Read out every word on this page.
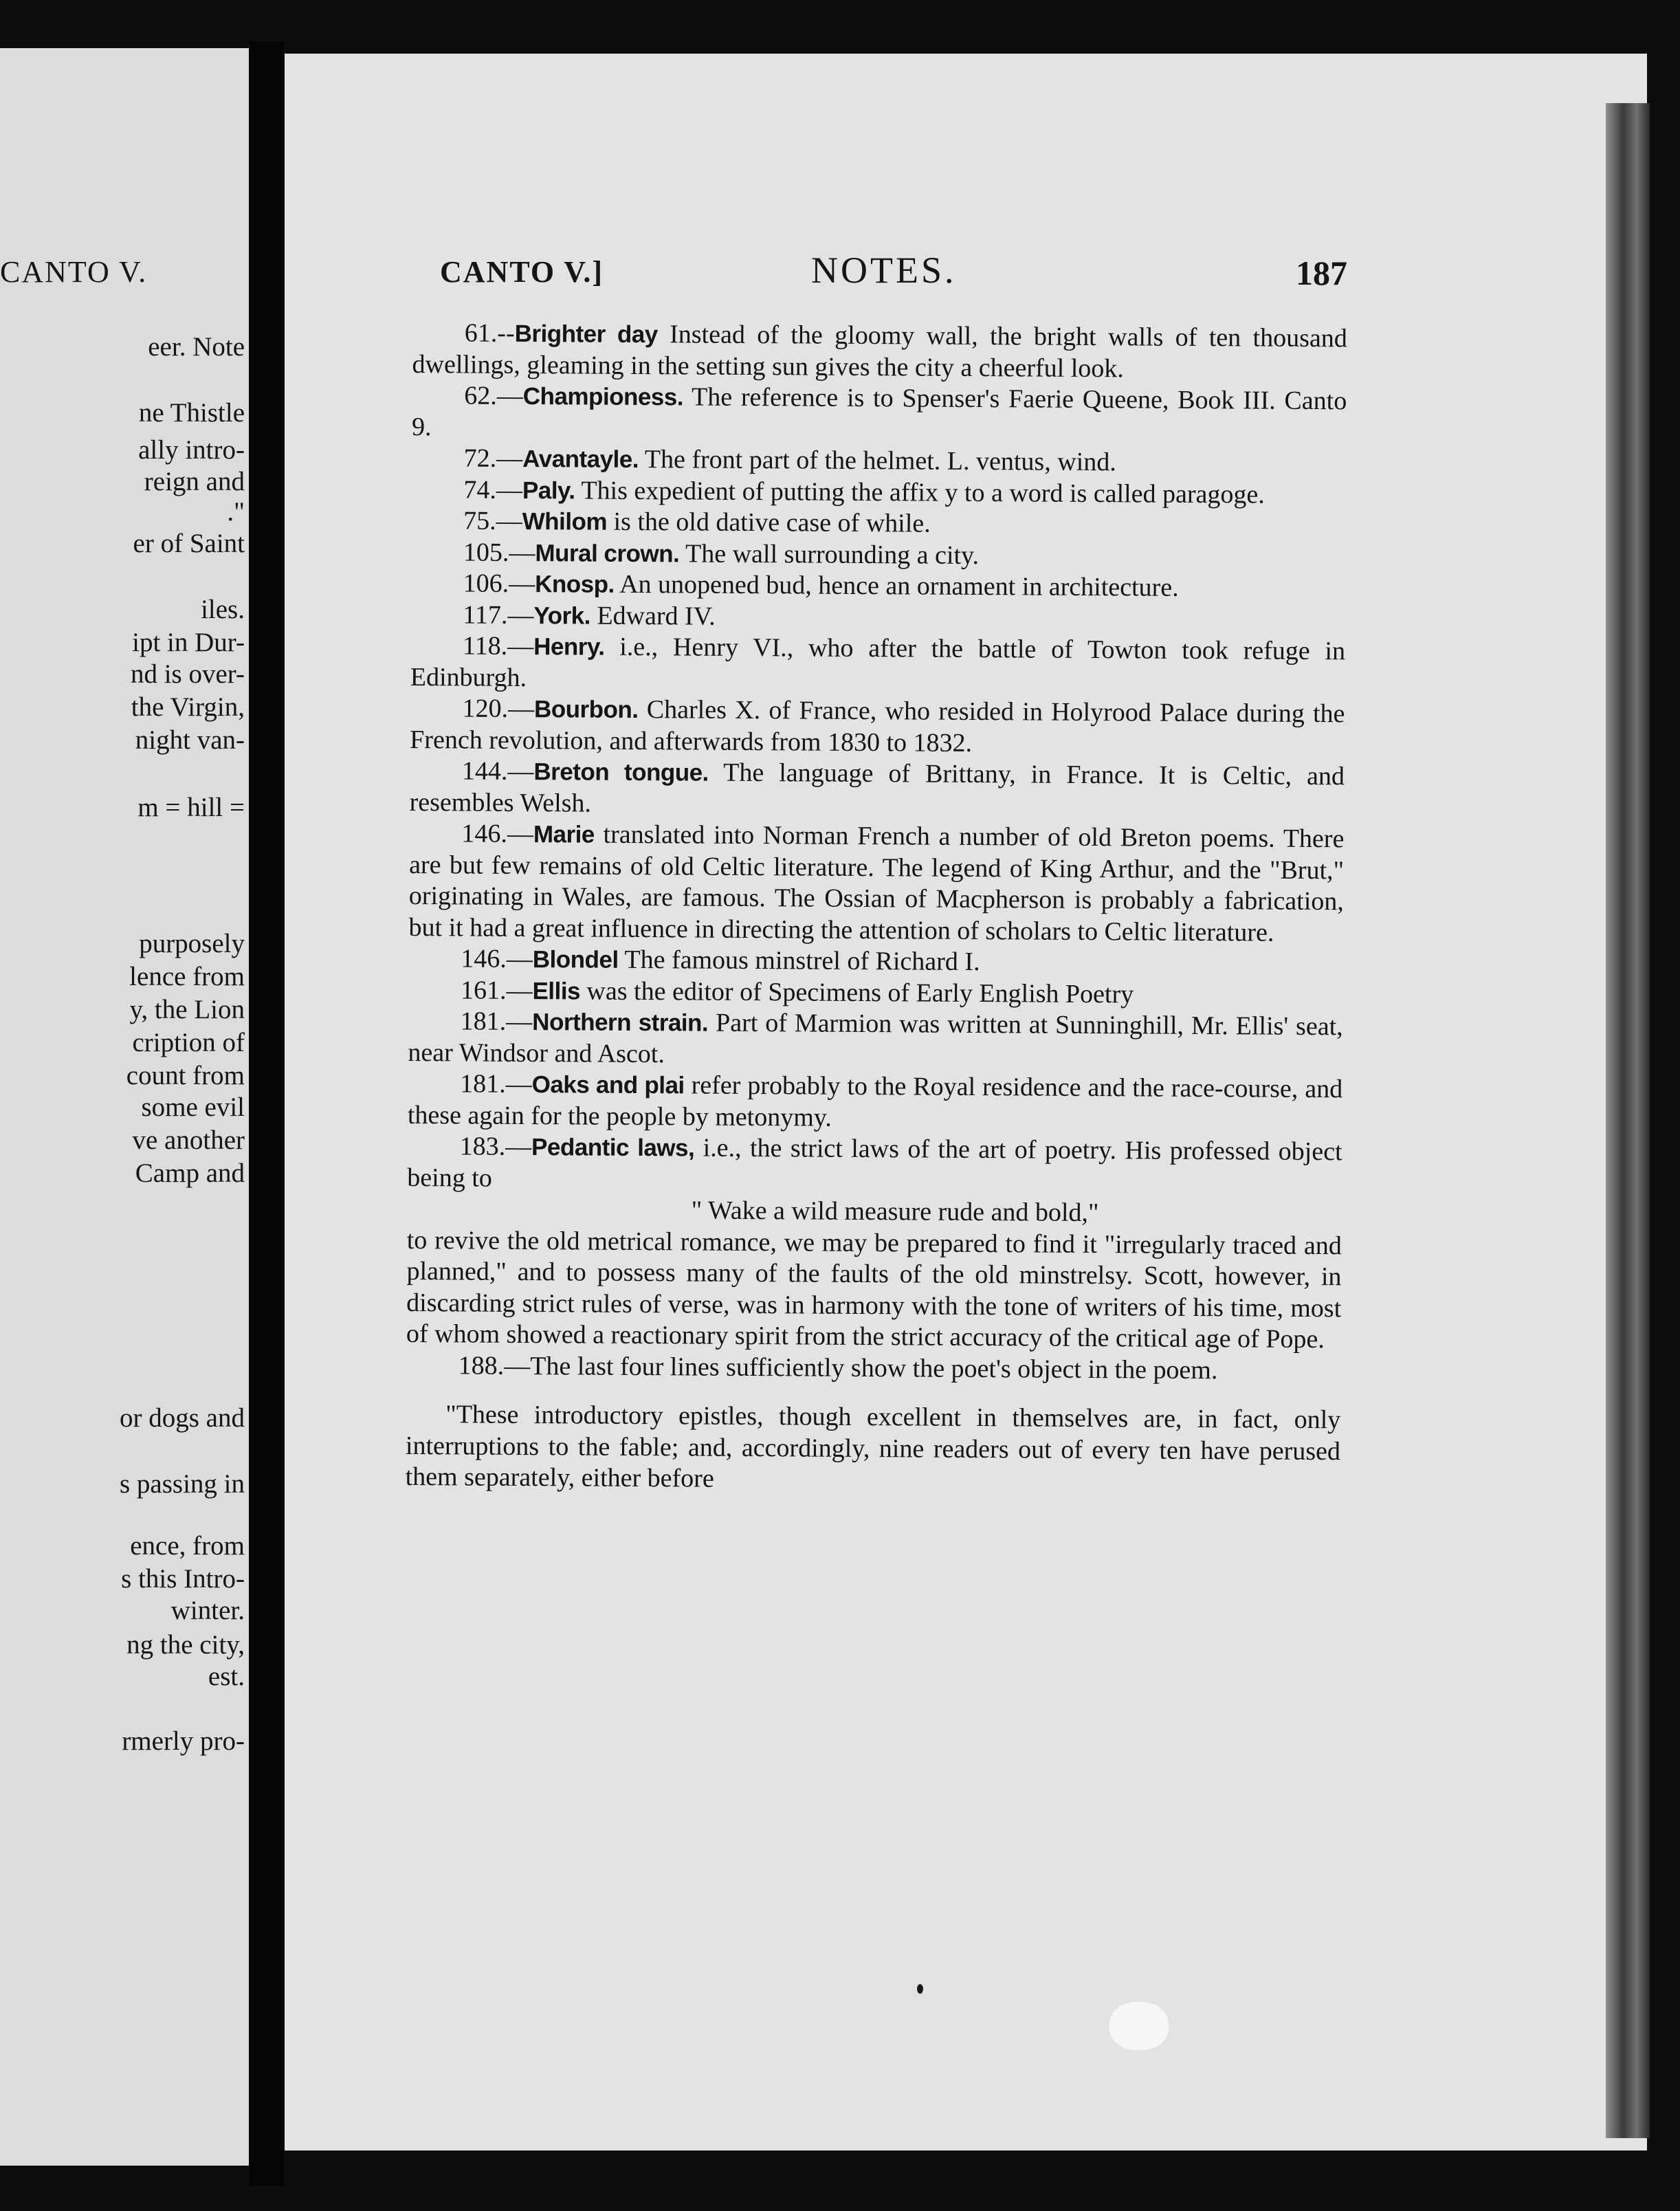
CANTO V.
eer. Note
ne Thistle
ally intro-
reign and
."
er of Saint
iles.
ipt in Dur-
nd is over-
the Virgin,
night van-
m = hill =
purposely
lence from
y, the Lion
cription of
count from
some evil
ve another
Camp and
or dogs and
s passing in
ence, from
s this Intro-
winter.
ng the city,
est.
rmerly pro-
CANTO V.]	NOTES.	187

61.--Brighter day Instead of the gloomy wall, the bright walls of ten thousand dwellings, gleaming in the setting sun gives the city a cheerful look.

62.—Championess. The reference is to Spenser's Faerie Queene, Book III. Canto 9.

72.—Avantayle. The front part of the helmet. L. ventus, wind.

74.—Paly. This expedient of putting the affix y to a word is called paragoge.

75.—Whilom is the old dative case of while.

105.—Mural crown. The wall surrounding a city.

106.—Knosp. An unopened bud, hence an ornament in architecture.

117.—York. Edward IV.

118.—Henry. i.e., Henry VI., who after the battle of Towton took refuge in Edinburgh.

120.—Bourbon. Charles X. of France, who resided in Holyrood Palace during the French revolution, and afterwards from 1830 to 1832.

144.—Breton tongue. The language of Brittany, in France. It is Celtic, and resembles Welsh.

146.—Marie translated into Norman French a number of old Breton poems. There are but few remains of old Celtic literature. The legend of King Arthur, and the "Brut," originating in Wales, are famous. The Ossian of Macpherson is probably a fabrication, but it had a great influence in directing the attention of scholars to Celtic literature.

146.—Blondel The famous minstrel of Richard I.

161.—Ellis was the editor of Specimens of Early English Poetry

181.—Northern strain. Part of Marmion was written at Sunninghill, Mr. Ellis' seat, near Windsor and Ascot.

181.—Oaks and plai refer probably to the Royal residence and the race-course, and these again for the people by metonymy.

183.—Pedantic laws, i.e., the strict laws of the art of poetry. His professed object being to

" Wake a wild measure rude and bold,"

to revive the old metrical romance, we may be prepared to find it "irregularly traced and planned," and to possess many of the faults of the old minstrelsy. Scott, however, in discarding strict rules of verse, was in harmony with the tone of writers of his time, most of whom showed a reactionary spirit from the strict accuracy of the critical age of Pope.

188.—The last four lines sufficiently show the poet's object in the poem.

"These introductory epistles, though excellent in themselves are, in fact, only interruptions to the fable; and, accordingly, nine readers out of every ten have perused them separately, either before
